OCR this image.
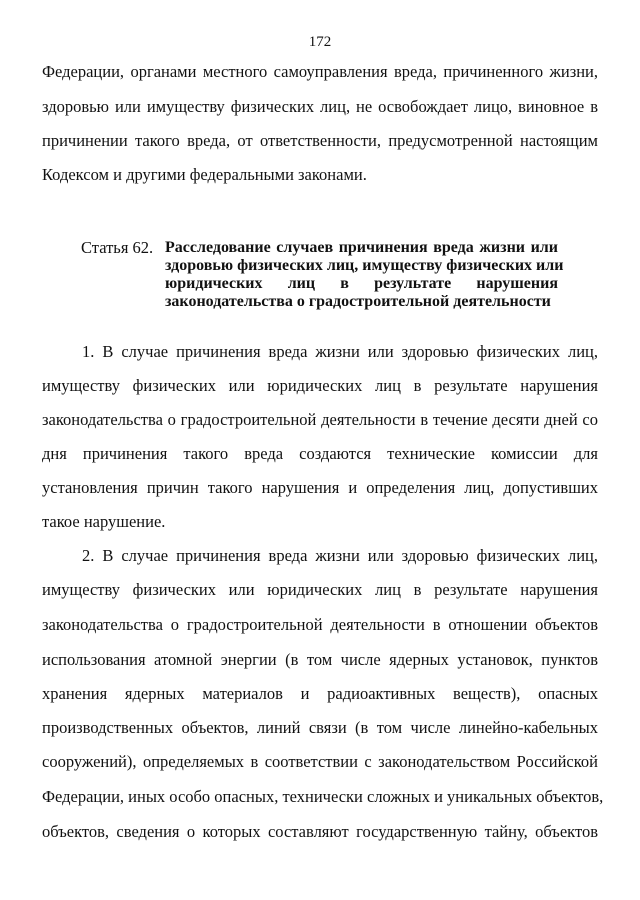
172
Федерации, органами местного самоуправления вреда, причиненного жизни,
здоровью или имуществу физических лиц, не освобождает лицо, виновное в
причинении такого вреда, от ответственности, предусмотренной настоящим
Кодексом и другими федеральными законами.
Статья 62. Расследование случаев причинения вреда жизни или
здоровью физических лиц, имуществу физических или
юридических лиц в результате нарушения
законодательства о градостроительной деятельности
1. В случае причинения вреда жизни или здоровью физических лиц,
имуществу физических или юридических лиц в результате нарушения
законодательства о градостроительной деятельности в течение десяти дней со
дня причинения такого вреда создаются технические комиссии для
установления причин такого нарушения и определения лиц, допустивших
такое нарушение.
2. В случае причинения вреда жизни или здоровью физических лиц,
имуществу физических или юридических лиц в результате нарушения
законодательства о градостроительной деятельности в отношении объектов
использования атомной энергии (в том числе ядерных установок, пунктов
хранения ядерных материалов и радиоактивных веществ), опасных
производственных объектов, линий связи (в том числе линейно-кабельных
сооружений), определяемых в соответствии с законодательством Российской
Федерации, иных особо опасных, технически сложных и уникальных объектов,
объектов, сведения о которых составляют государственную тайну, объектов
